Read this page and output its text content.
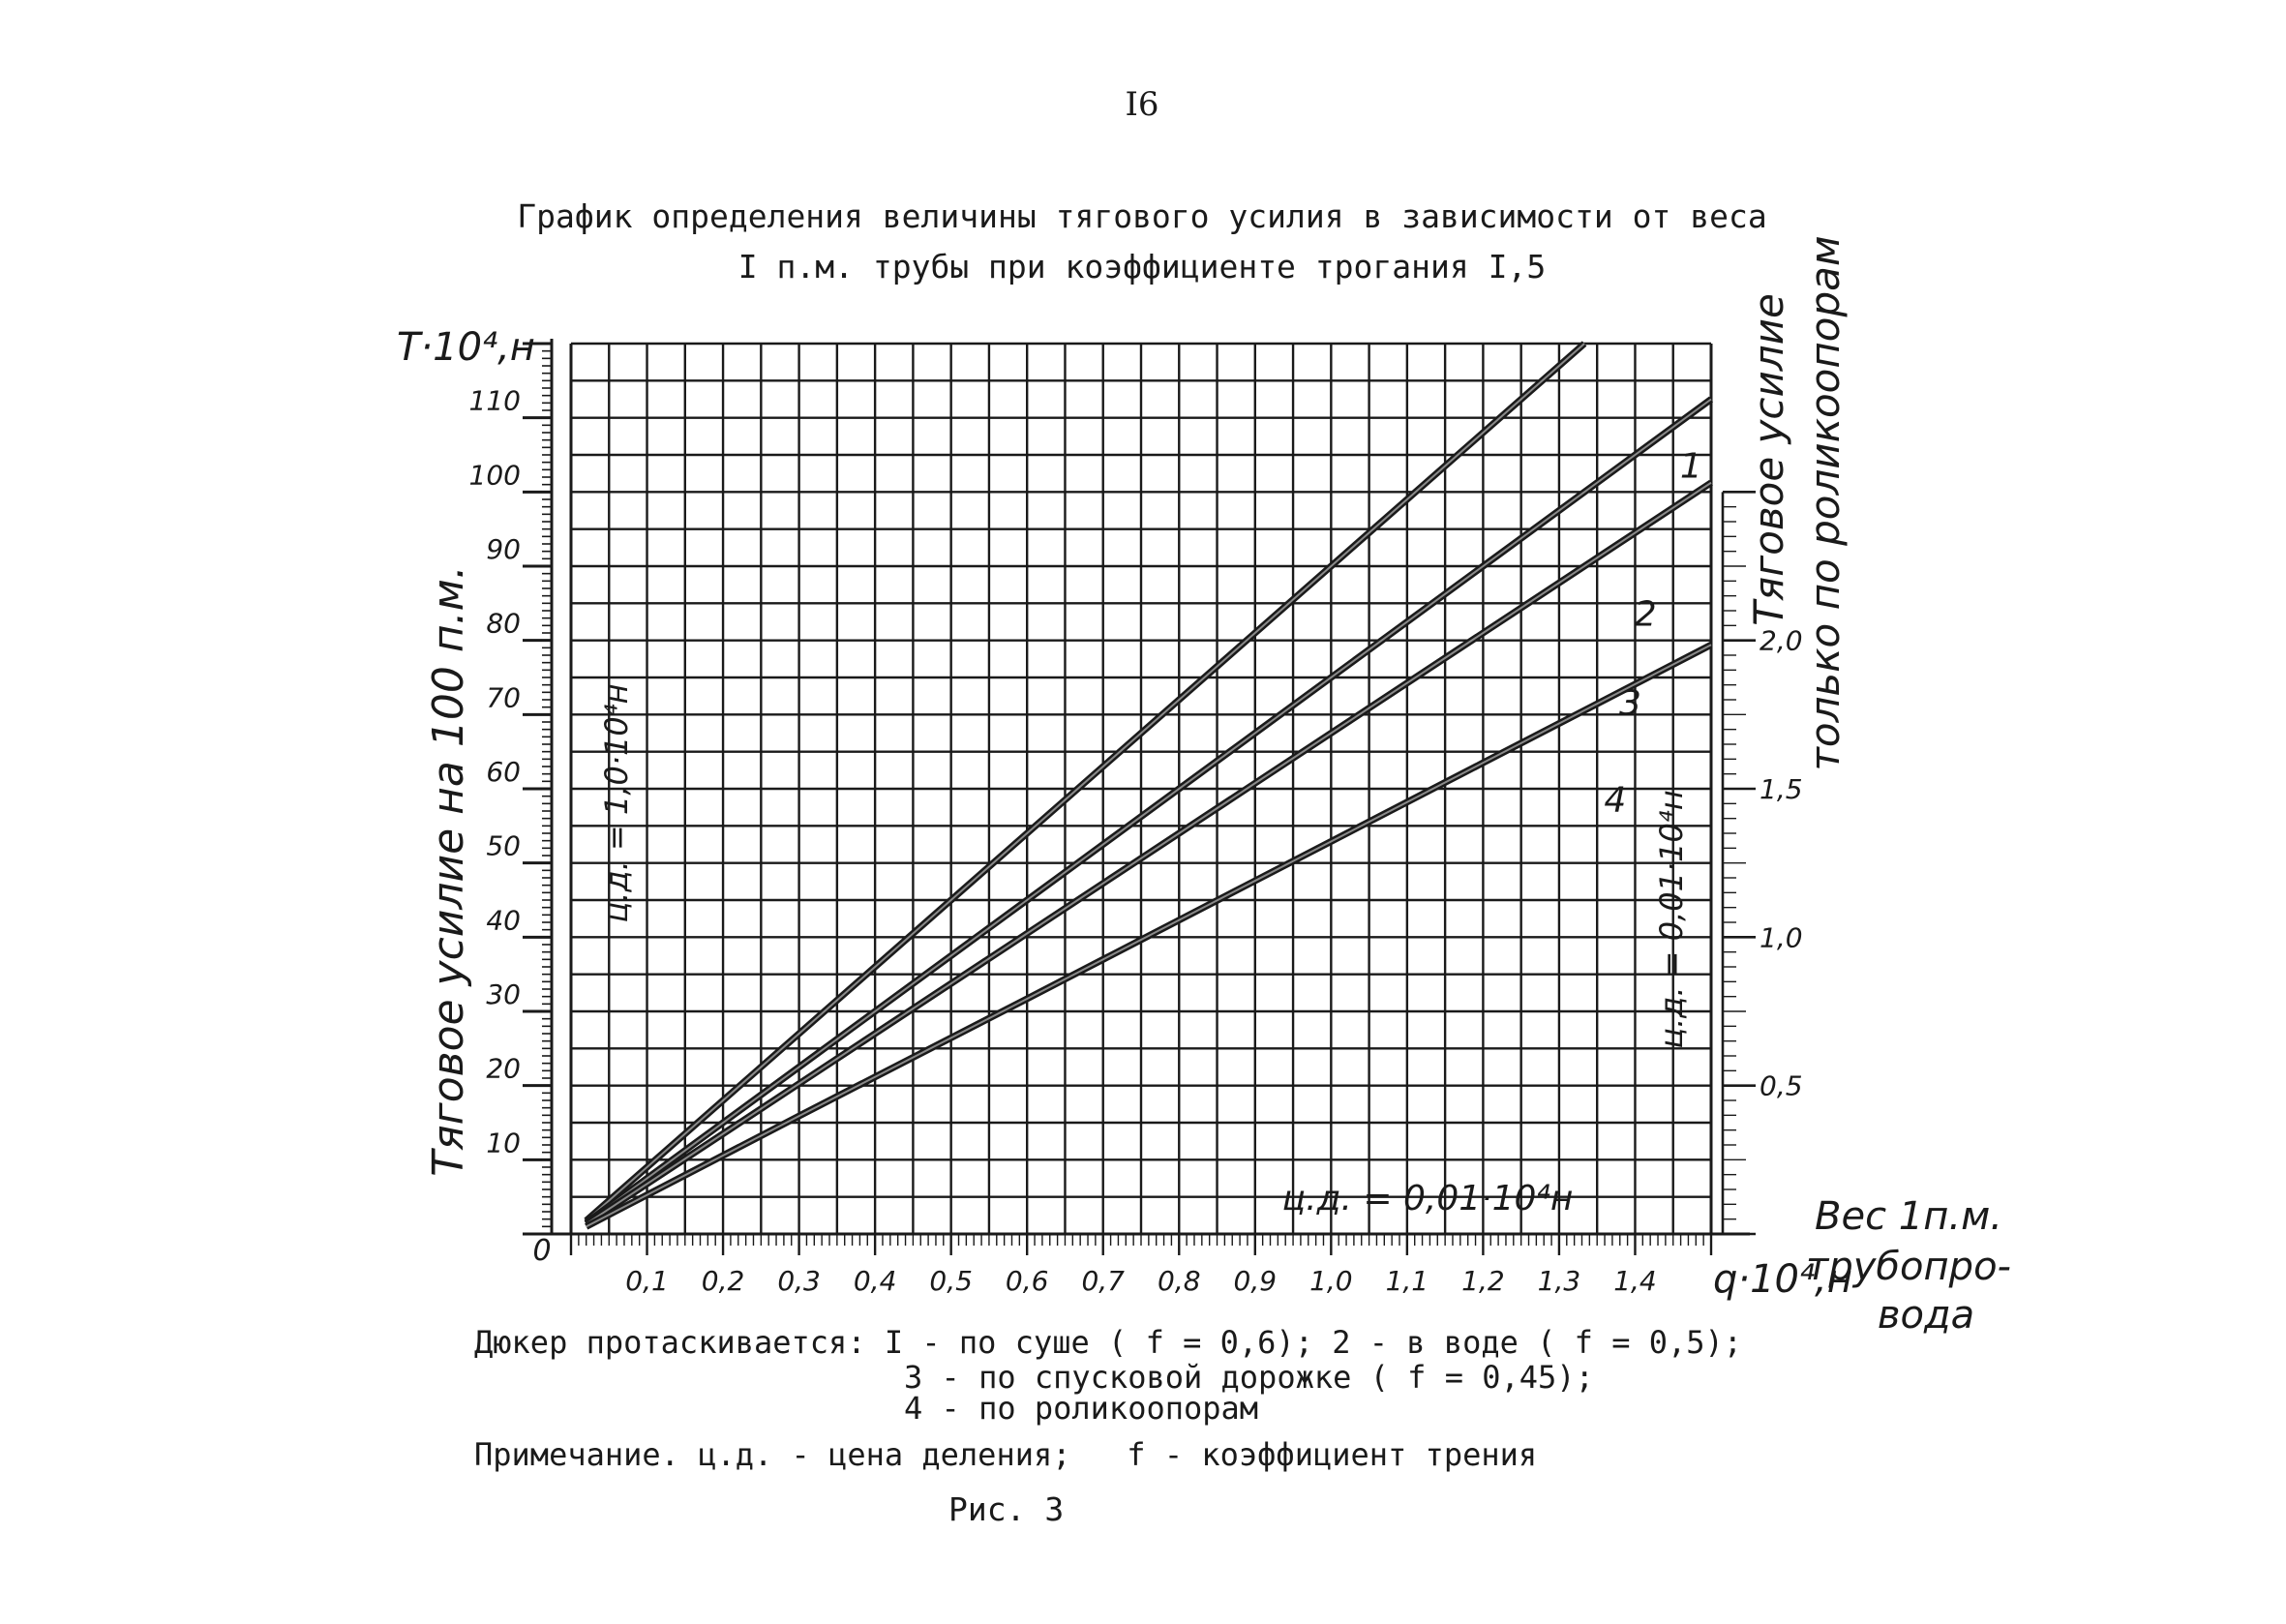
I6
График определения величины тягового усилия в зависимости от веса
I п.м. трубы при коэффициенте трогания I,5
10
20
30
40
50
60
70
80
90
100
110
0,1 0,2 0,3 0,4 0,5 0,6 0,7 0,8 0,9 1,0 1,1 1,2 1,3 1,4
0,5
1,0
1,5
2,0
1
2
3
4
T·10⁴,н
Тяговое усилие на 100 п.м.	ц.д. = 1,0·10⁴н
Тяговое усилие только по роликоопорам
ц.д. = 0,01·10⁴н
ц.д. = 0,01·10⁴н
0
q·10⁴,н
Вес 1п.м.
трубопро-
вода
Дюкер протаскивается: I - по суше ( f = 0,6); 2 - в воде ( f = 0,5);
3 - по спусковой дорожке ( f = 0,45);
4 - по роликоопорам
Примечание. ц.д. - цена деления;   f - коэффициент трения
Рис. 3
